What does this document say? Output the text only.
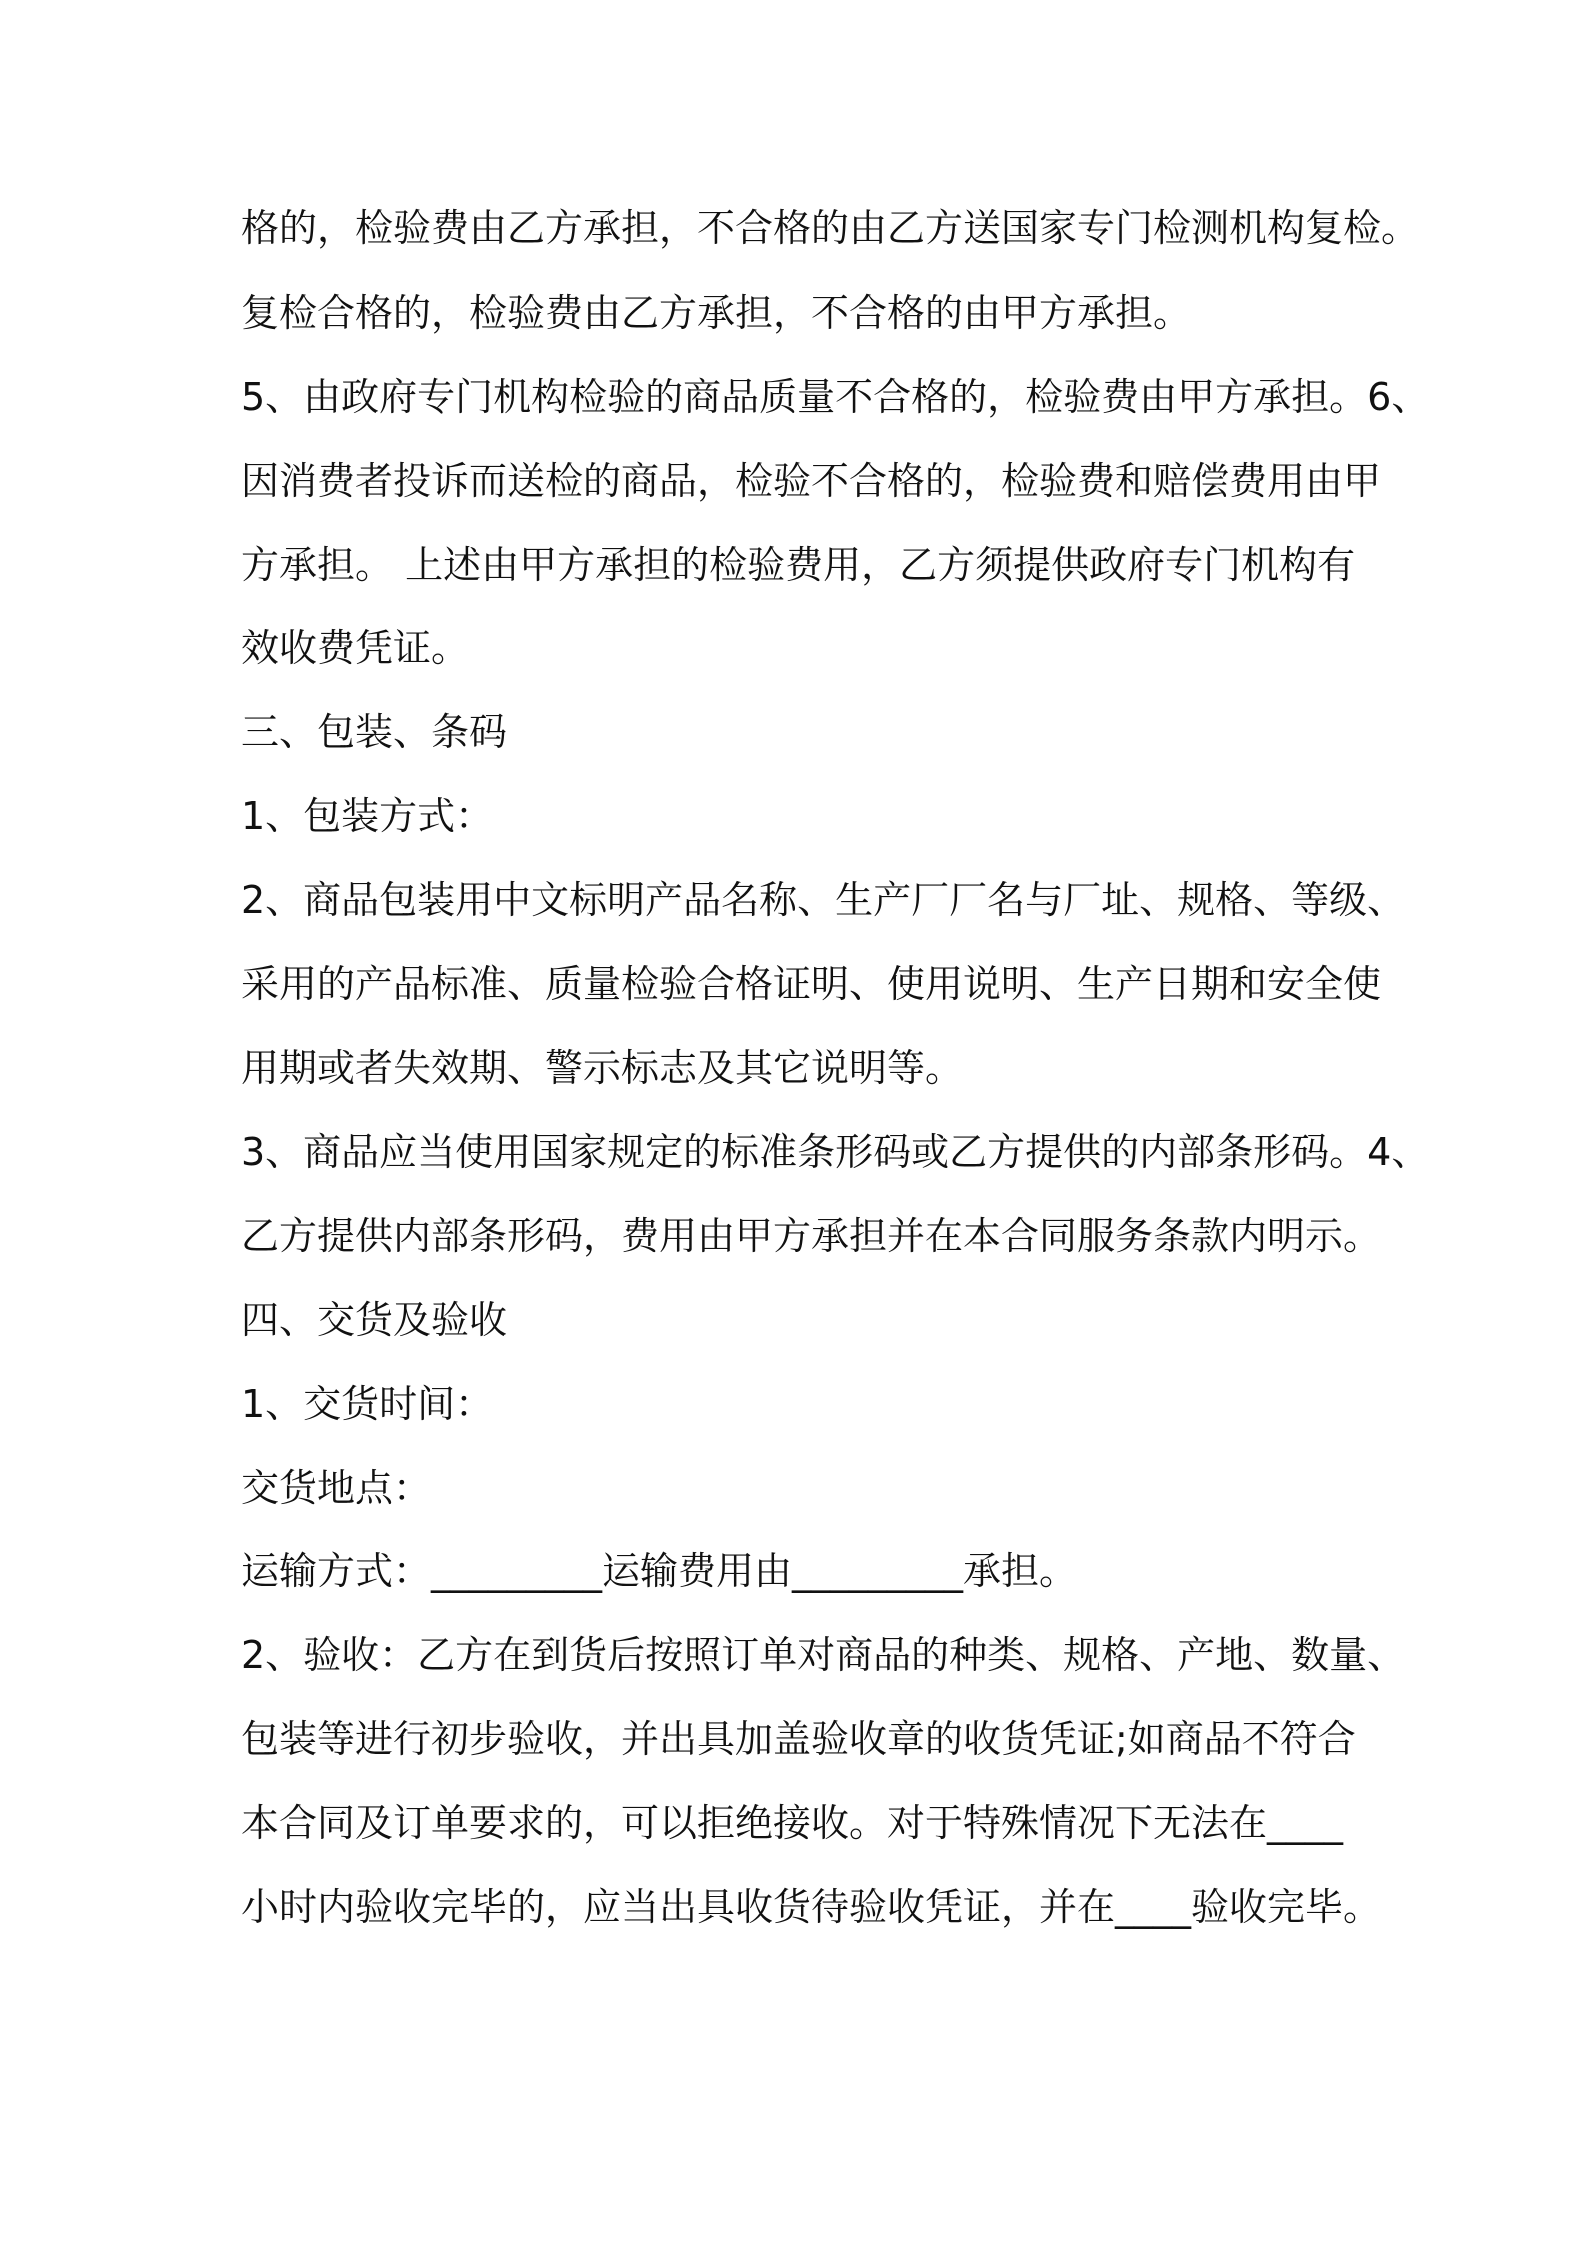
格的，检验费由乙方承担，不合格的由乙方送国家专门检测机构复检。
复检合格的，检验费由乙方承担，不合格的由甲方承担。
5、由政府专门机构检验的商品质量不合格的，检验费由甲方承担。6、
因消费者投诉而送检的商品，检验不合格的，检验费和赔偿费用由甲
方承担。 上述由甲方承担的检验费用，乙方须提供政府专门机构有
效收费凭证。
三、包装、条码
1、包装方式：
2、商品包装用中文标明产品名称、生产厂厂名与厂址、规格、等级、
采用的产品标准、质量检验合格证明、使用说明、生产日期和安全使
用期或者失效期、警示标志及其它说明等。
3、商品应当使用国家规定的标准条形码或乙方提供的内部条形码。4、
乙方提供内部条形码，费用由甲方承担并在本合同服务条款内明示。
四、交货及验收
1、交货时间：
交货地点：
运输方式：_________运输费用由_________承担。
2、验收：乙方在到货后按照订单对商品的种类、规格、产地、数量、
包装等进行初步验收，并出具加盖验收章的收货凭证;如商品不符合
本合同及订单要求的，可以拒绝接收。对于特殊情况下无法在____
小时内验收完毕的，应当出具收货待验收凭证，并在____验收完毕。
